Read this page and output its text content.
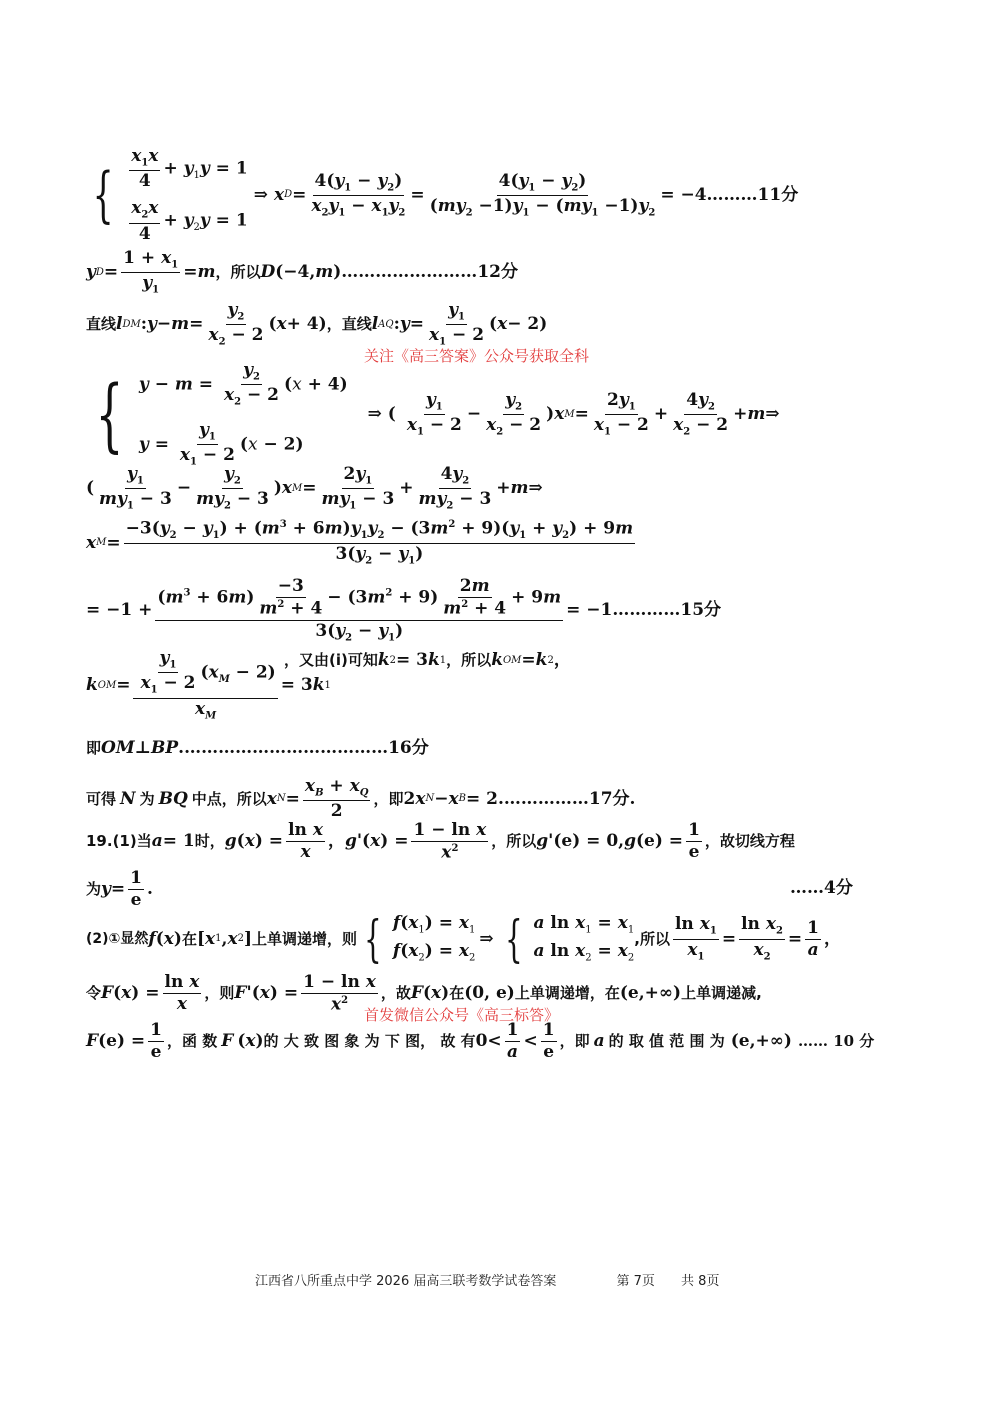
{ $\frac{x_1x}{4} + y_1y = 1$
$\frac{x_2x}{4} + y_2y = 1$
⇒ x $D = \frac{4(y_1 - y_2)}{x_2y_1 - x_1y_2} = \frac{4(y_1 - y_2)}{(my_2 -1)y_1 - (my_1 -1)y_2}$ = −4………11分
y $D = \frac{1 + x_1}{y_1} = m$ ，所以 D (−4, m )…………………… 12分
直线 l DM : $y - m = \frac{y_2}{x_2 - 2}$ ( x + 4) ，直线 l AQ : $y = \frac{y_1}{x_1 - 2}$ ( x − 2)
关注《高三答案》公众号获取全科
{ $y - m = \frac{y_2}{x_2 - 2} (x + 4)$
$y = \frac{y_1}{x_1 - 2} (x - 2)$
⇒ ( $\frac{y_1}{x_1 - 2} - \frac{y_2}{x_2 - 2}$ ) x $M = \frac{2y_1}{x_1 - 2} + \frac{4y_2}{x_2 - 2} + m$ ⇒
( $\frac{y_1}{my_1 - 3} - \frac{y_2}{my_2 - 3}$ ) x $M = \frac{2y_1}{my_1 - 3} + \frac{4y_2}{my_2 - 3} + m$ ⇒
x $M = \frac{-3(y_2 - y_1) + (m^3 + 6m)y_1y_2 - (3m^2 + 9)(y_1 + y_2) + 9m}{3(y_2 - y_1)}$
= $-1 + \frac{(m^3 + 6m) \frac{-3}{m^2 + 4} - (3m^2 + 9) \frac{2m}{m^2 + 4} + 9m}{3(y_2 - y_1)}$ = −1…………15分
k OM = $\frac{\frac{y_1}{x_1 - 2} (x_M - 2)}{x_M} = 3$ k 1
，又由(i)可知 k 2 = 3 k 1 ，所以 k OM = k 2 ，
即 OM ⊥ BP . ………………………………16分
可得 N 为 BQ 中点，所以 x $N = \frac{x_B + x_Q}{2}$ ，即 2 x N − x B = 2. ……………17分.
19.(1)当 a = 1 时， g ( x ) = $\frac{\text{ln x}}{x}$ ， g '( x ) = $\frac{\text{1 − ln x}}{x^2}$ ，所以 g '(e) = 0, g $(e) = \frac{1}{e}$ ，故切线方程
为 $y = \frac{1}{e}$ .	……4分
(2)①显然 f ( x ) 在 [ x 1 , x 2 ] 上单调递增，则 { $f(x_1) = x_1$
$f(x_2) = x_2$
⇒ { a $\ln x_1 = x_1$
a $\ln x_2 = x_2$
,所以 $\frac{\ln x_1}{x_1} = \frac{\ln x_2}{x_2} = \frac{1}{a}$ ，
令 F ( x ) = $\frac{\text{ln x}}{x}$ ，则 F '( x ) = $\frac{\text{1 − ln x}}{x^2}$ ，故 F ( x ) 在 (0, e) 上单调递增，在 (e,+∞) 上单调递减,
首发微信公众号《高三标答》
F $(e) = \frac{1}{e}$ ，函 数 F ( x ) 的 大 致 图 象 为 下 图， 故 有 $0< \frac{1}{a} < \frac{1}{e}$ ，即 a 的 取 值 范 围 为 (e,+∞) …… 10 分
江西省八所重点中学 2026 届高三联考数学试卷答案	第 7页 共 8页
